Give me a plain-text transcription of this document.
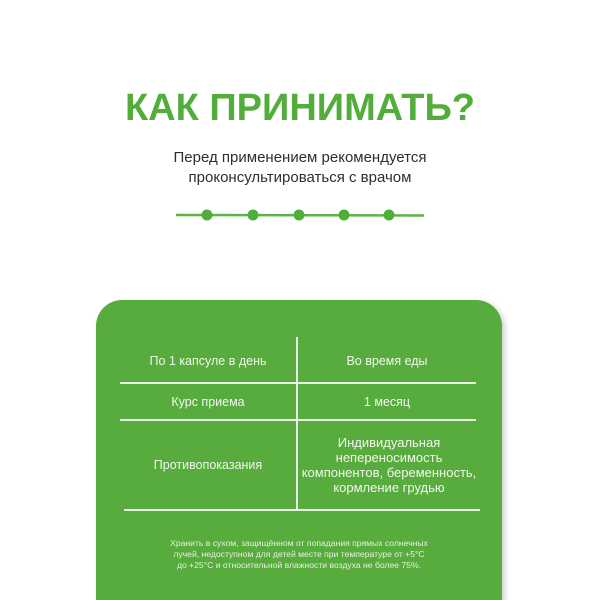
КАК ПРИНИМАТЬ?
Перед применением рекомендуется
проконсультироваться с врачом
По 1 капсуле в день	Во время еды
Курс приема	1 месяц
Противопоказания
Индивидуальная
непереносимость
компонентов, беременность,
кормление грудью
Хранить в сухом, защищённом от попадания прямых солнечных
лучей, недоступном для детей месте при температуре от +5°C
до +25°C и относительной влажности воздуха не более 75%.
